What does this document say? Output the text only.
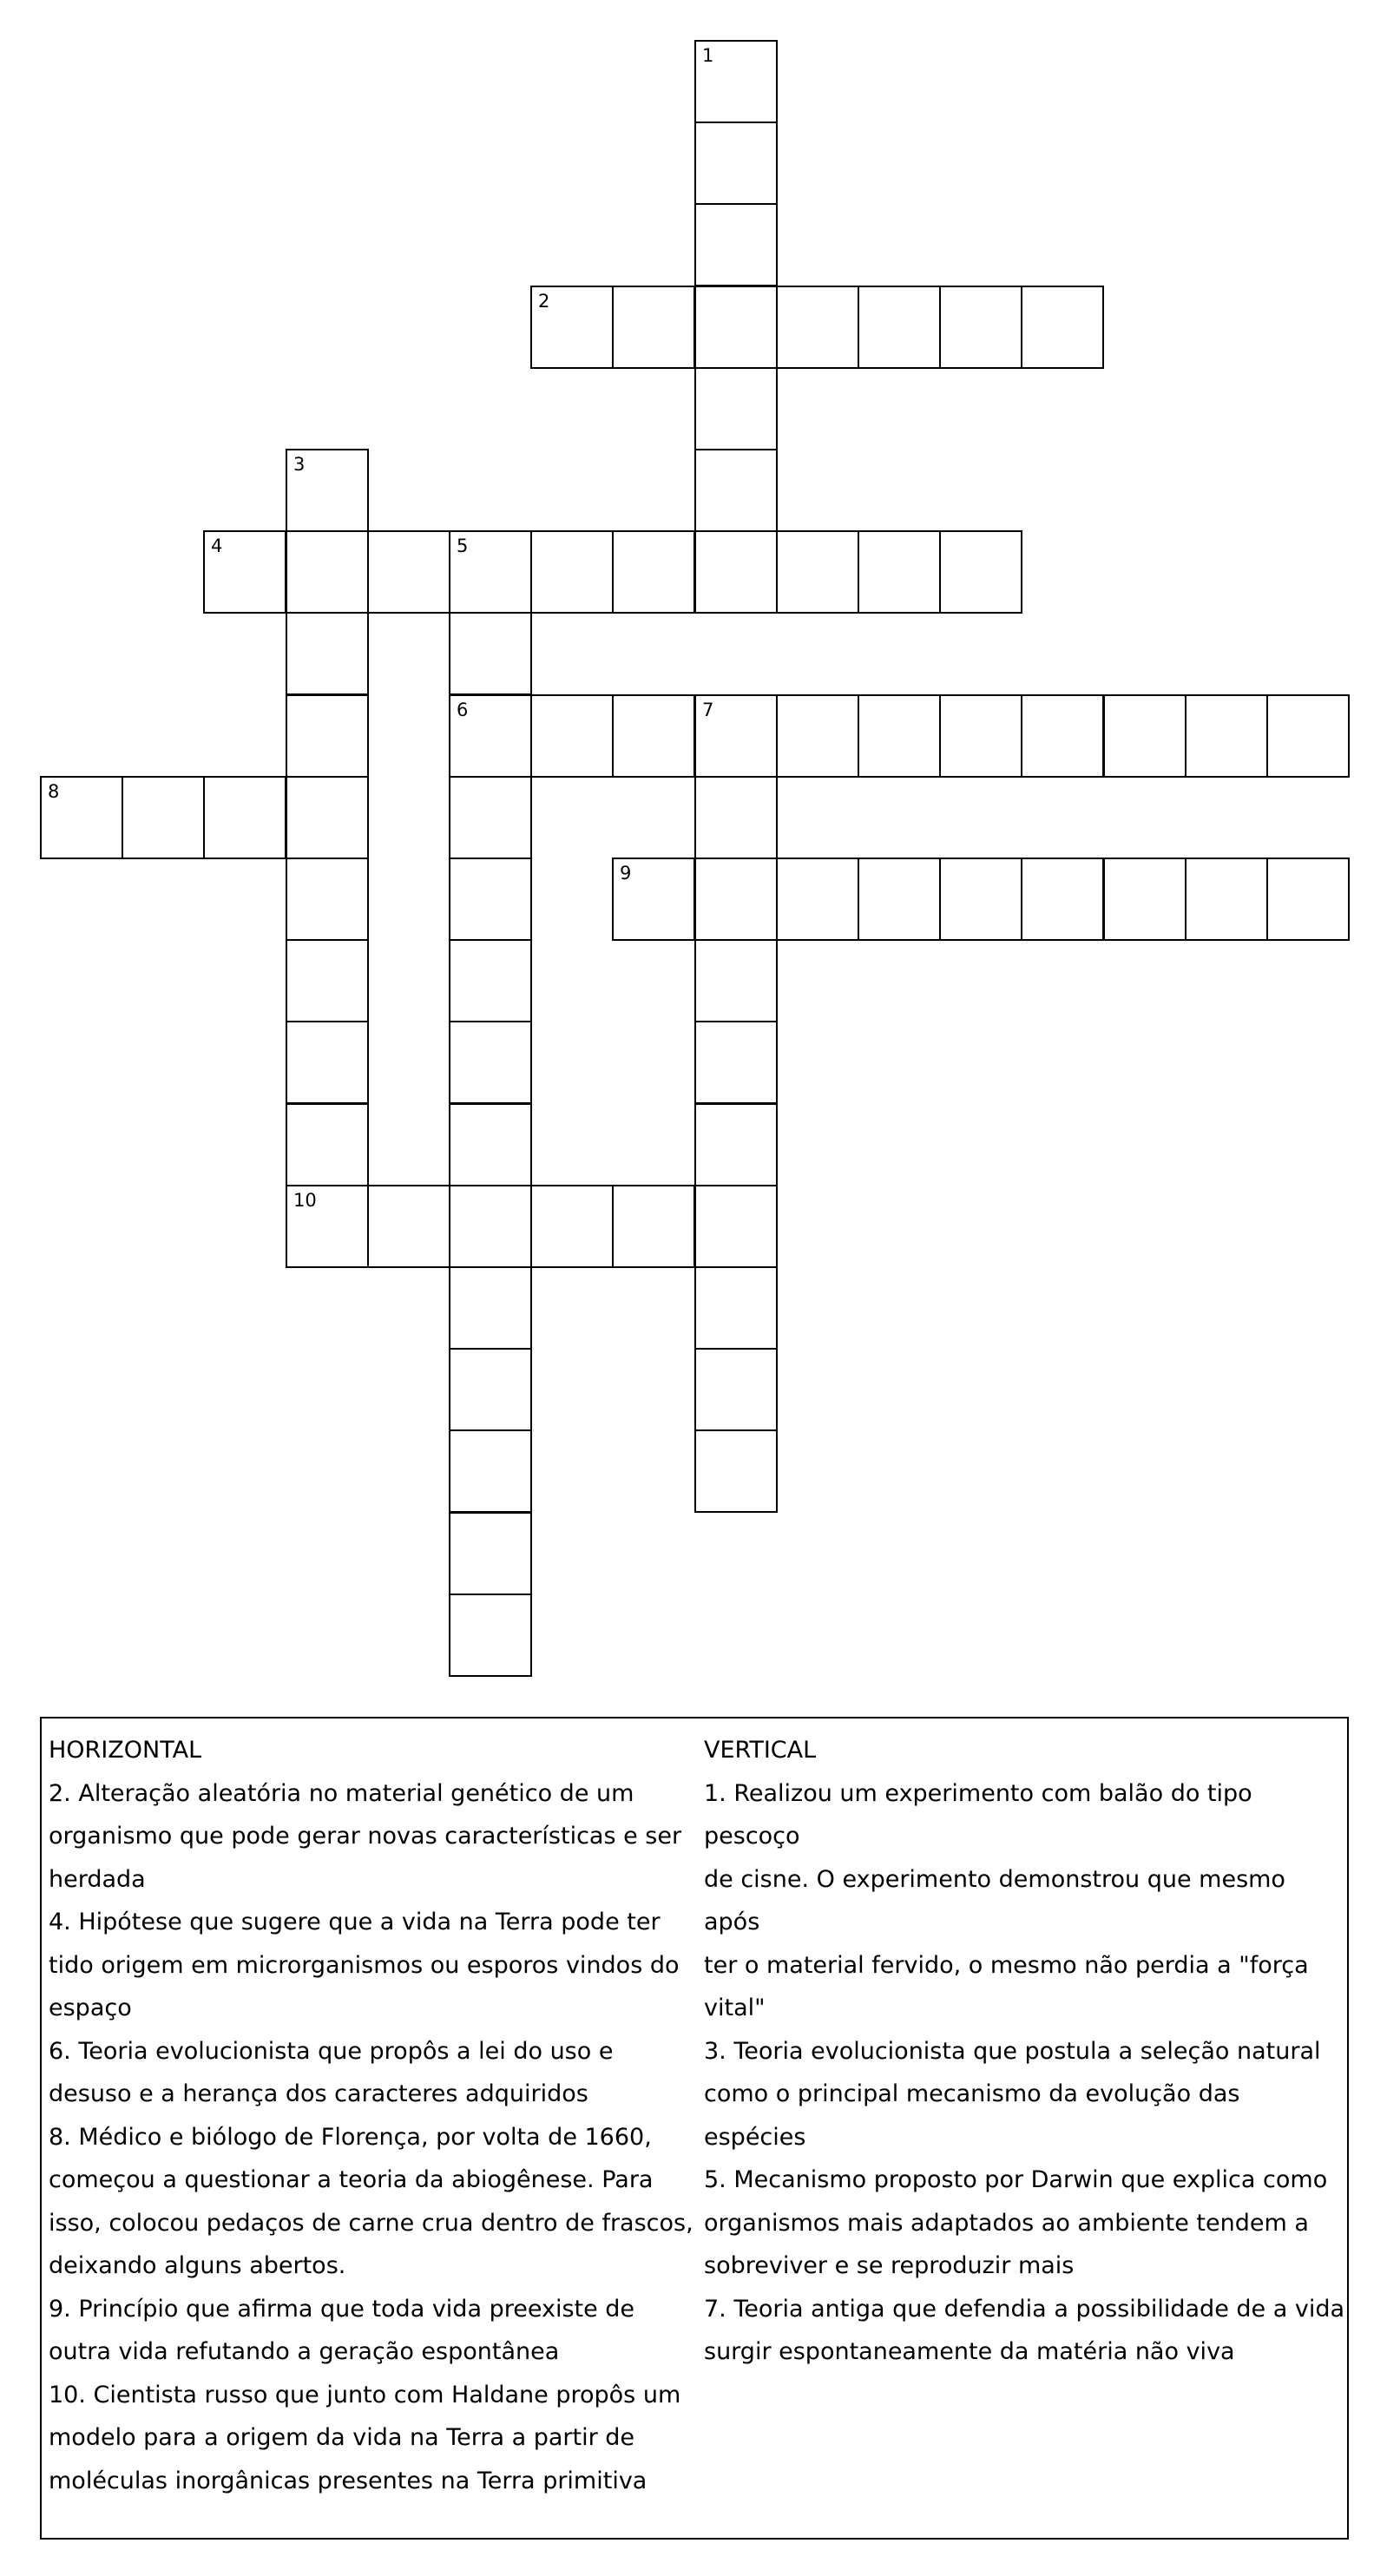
1
2
3
4	5
6	7
8
9
10

HORIZONTAL

2. Alteração aleatória no material genético de um

organismo que pode gerar novas características e ser

herdada

4. Hipótese que sugere que a vida na Terra pode ter

tido origem em microrganismos ou esporos vindos do

espaço

6. Teoria evolucionista que propôs a lei do uso e

desuso e a herança dos caracteres adquiridos

8. Médico e biólogo de Florença, por volta de 1660,

começou a questionar a teoria da abiogênese. Para

isso, colocou pedaços de carne crua dentro de frascos,

deixando alguns abertos.

9. Princípio que afirma que toda vida preexiste de

outra vida refutando a geração espontânea

10. Cientista russo que junto com Haldane propôs um

modelo para a origem da vida na Terra a partir de

moléculas inorgânicas presentes na Terra primitiva

VERTICAL

1. Realizou um experimento com balão do tipo pescoço

de cisne. O experimento demonstrou que mesmo após

ter o material fervido, o mesmo não perdia a "força

vital"

3. Teoria evolucionista que postula a seleção natural

como o principal mecanismo da evolução das espécies

5. Mecanismo proposto por Darwin que explica como

organismos mais adaptados ao ambiente tendem a

sobreviver e se reproduzir mais

7. Teoria antiga que defendia a possibilidade de a vida

surgir espontaneamente da matéria não viva
